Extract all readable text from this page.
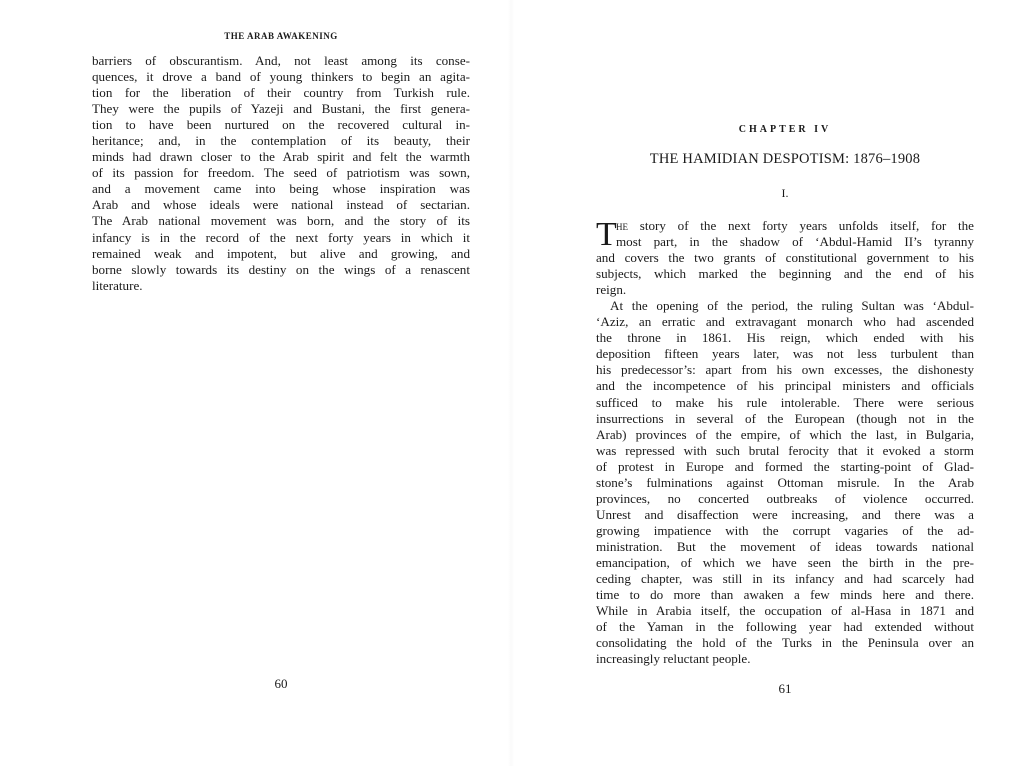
THE ARAB AWAKENING
barriers of obscurantism. And, not least among its conse-
quences, it drove a band of young thinkers to begin an agita-
tion for the liberation of their country from Turkish rule.
They were the pupils of Yazeji and Bustani, the first genera-
tion to have been nurtured on the recovered cultural in-
heritance; and, in the contemplation of its beauty, their
minds had drawn closer to the Arab spirit and felt the warmth
of its passion for freedom. The seed of patriotism was sown,
and a movement came into being whose inspiration was
Arab and whose ideals were national instead of sectarian.
The Arab national movement was born, and the story of its
infancy is in the record of the next forty years in which it
remained weak and impotent, but alive and growing, and
borne slowly towards its destiny on the wings of a renascent
literature.
60
CHAPTER IV
THE HAMIDIAN DESPOTISM: 1876–1908
I.
T he story of the next forty years unfolds itself, for the
most part, in the shadow of ‘Abdul-Hamid II’s tyranny
and covers the two grants of constitutional government to his
subjects, which marked the beginning and the end of his
reign.
At the opening of the period, the ruling Sultan was ‘Abdul-
‘Aziz, an erratic and extravagant monarch who had ascended
the throne in 1861. His reign, which ended with his
deposition fifteen years later, was not less turbulent than
his predecessor’s: apart from his own excesses, the dishonesty
and the incompetence of his principal ministers and officials
sufficed to make his rule intolerable. There were serious
insurrections in several of the European (though not in the
Arab) provinces of the empire, of which the last, in Bulgaria,
was repressed with such brutal ferocity that it evoked a storm
of protest in Europe and formed the starting-point of Glad-
stone’s fulminations against Ottoman misrule. In the Arab
provinces, no concerted outbreaks of violence occurred.
Unrest and disaffection were increasing, and there was a
growing impatience with the corrupt vagaries of the ad-
ministration. But the movement of ideas towards national
emancipation, of which we have seen the birth in the pre-
ceding chapter, was still in its infancy and had scarcely had
time to do more than awaken a few minds here and there.
While in Arabia itself, the occupation of al-Hasa in 1871 and
of the Yaman in the following year had extended without
consolidating the hold of the Turks in the Peninsula over an
increasingly reluctant people.
61
